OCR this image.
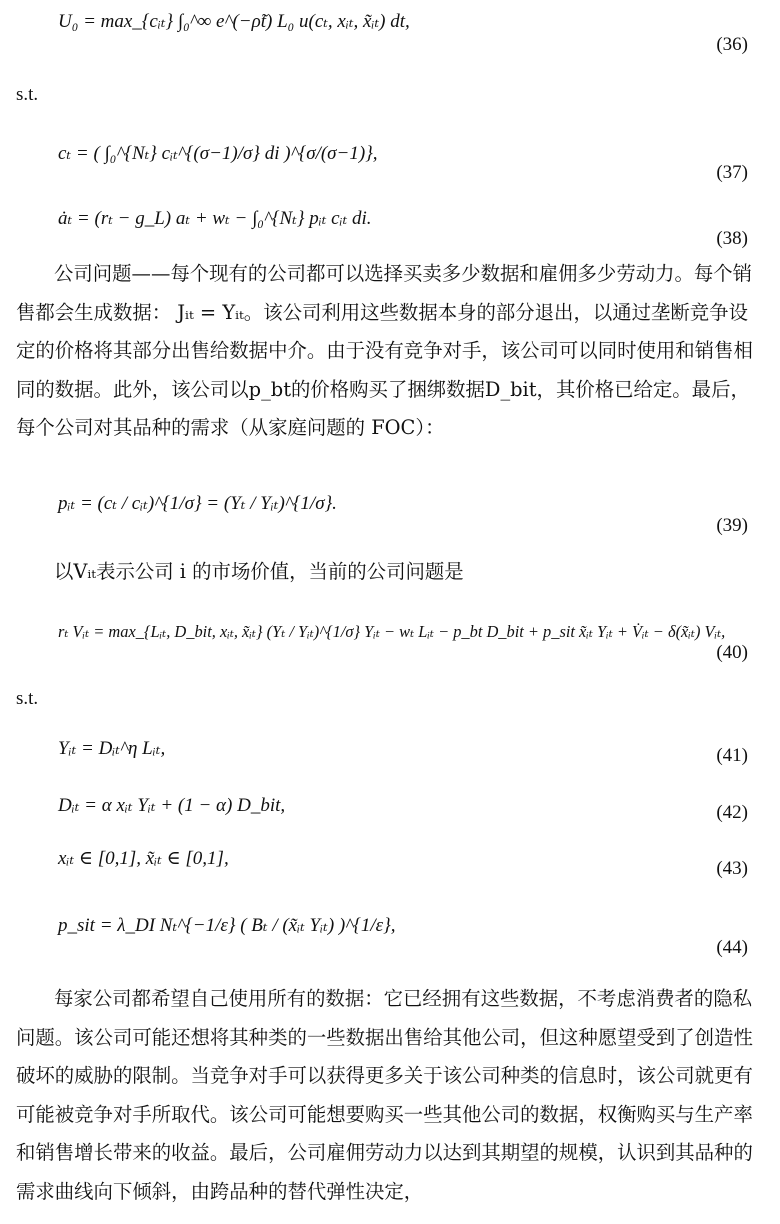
U₀ = max_{cᵢₜ} ∫₀^∞ e^(−ρ̃t) L₀ u(cₜ, xᵢₜ, x̃ᵢₜ) dt,
(36)
s.t.
cₜ = ( ∫₀^{Nₜ} cᵢₜ^{(σ−1)/σ} di )^{σ/(σ−1)},
(37)
ȧₜ = (rₜ − g_L) aₜ + wₜ − ∫₀^{Nₜ} pᵢₜ cᵢₜ di.
(38)

公司问题——每个现有的公司都可以选择买卖多少数据和雇佣多少劳动力。每个销售都会生成数据： Jᵢₜ = Yᵢₜ。该公司利用这些数据本身的部分退出，以通过垄断竞争设定的价格将其部分出售给数据中介。由于没有竞争对手，该公司可以同时使用和销售相同的数据。此外，该公司以p_bt的价格购买了捆绑数据D_bit，其价格已给定。最后，每个公司对其品种的需求（从家庭问题的 FOC）：

pᵢₜ = (cₜ / cᵢₜ)^{1/σ} = (Yₜ / Yᵢₜ)^{1/σ}.
(39)

以Vᵢₜ表示公司 i 的市场价值，当前的公司问题是

rₜ Vᵢₜ = max_{Lᵢₜ, D_bit, xᵢₜ, x̃ᵢₜ} (Yₜ / Yᵢₜ)^{1/σ} Yᵢₜ − wₜ Lᵢₜ − p_bt D_bit + p_sit x̃ᵢₜ Yᵢₜ + V̇ᵢₜ − δ(x̃ᵢₜ) Vᵢₜ,
(40)
s.t.
Yᵢₜ = Dᵢₜ^η Lᵢₜ,	(41)
Dᵢₜ = α xᵢₜ Yᵢₜ + (1 − α) D_bit,	(42)
xᵢₜ ∈ [0,1], x̃ᵢₜ ∈ [0,1],	(43)
p_sit = λ_DI Nₜ^{−1/ε} ( Bₜ / (x̃ᵢₜ Yᵢₜ) )^{1/ε},
(44)

每家公司都希望自己使用所有的数据：它已经拥有这些数据，不考虑消费者的隐私问题。该公司可能还想将其种类的一些数据出售给其他公司，但这种愿望受到了创造性破坏的威胁的限制。当竞争对手可以获得更多关于该公司种类的信息时，该公司就更有可能被竞争对手所取代。该公司可能想要购买一些其他公司的数据，权衡购买与生产率和销售增长带来的收益。最后，公司雇佣劳动力以达到其期望的规模，认识到其品种的需求曲线向下倾斜，由跨品种的替代弹性决定，
